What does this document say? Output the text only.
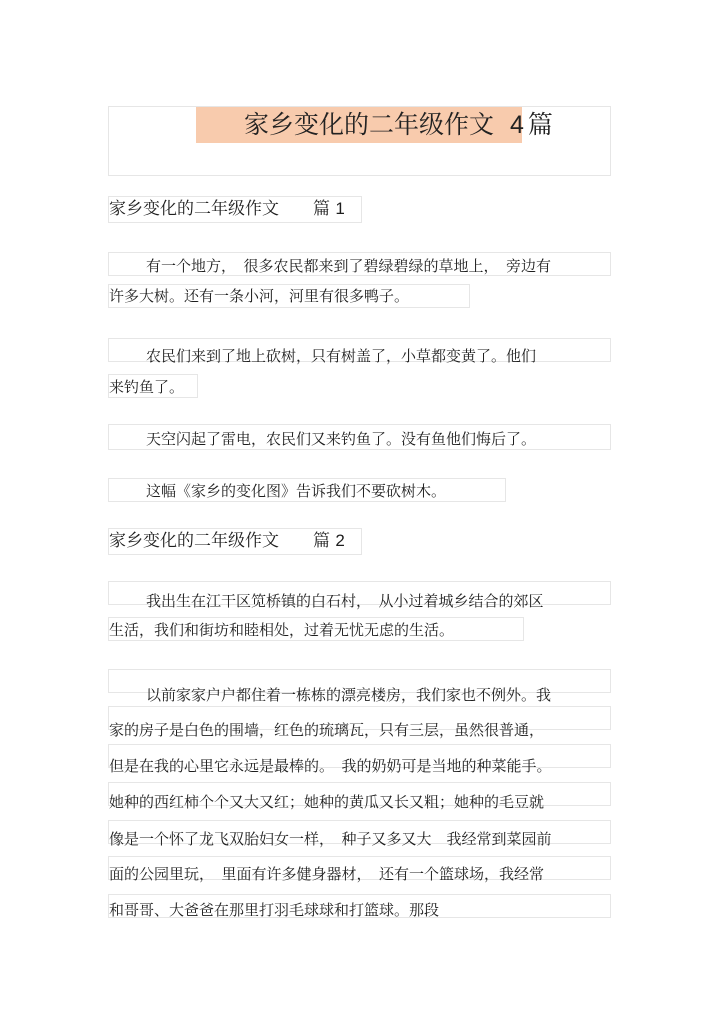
家乡变化的二年级作文 4 篇
家乡变化的二年级作文 篇 1
有一个地方，　很多农民都来到了碧绿碧绿的草地上，　旁边有
许多大树。还有一条小河，河里有很多鸭子。
农民们来到了地上砍树，只有树盖了，小草都变黄了。他们
来钓鱼了。
天空闪起了雷电，农民们又来钓鱼了。没有鱼他们悔后了。
这幅《家乡的变化图》告诉我们不要砍树木。
家乡变化的二年级作文 篇 2
我出生在江干区笕桥镇的白石村，　从小过着城乡结合的郊区
生活，我们和街坊和睦相处，过着无忧无虑的生活。
以前家家户户都住着一栋栋的漂亮楼房，我们家也不例外。我
家的房子是白色的围墙，红色的琉璃瓦，只有三层，虽然很普通，
但是在我的心里它永远是最棒的。　我的奶奶可是当地的种菜能手。
她种的西红柿个个又大又红；她种的黄瓜又长又粗；她种的毛豆就
像是一个怀了龙飞双胎妇女一样，　种子又多又大　我经常到菜园前
面的公园里玩，　里面有许多健身器材，　还有一个篮球场，我经常
和哥哥、大爸爸在那里打羽毛球球和打篮球。那段
